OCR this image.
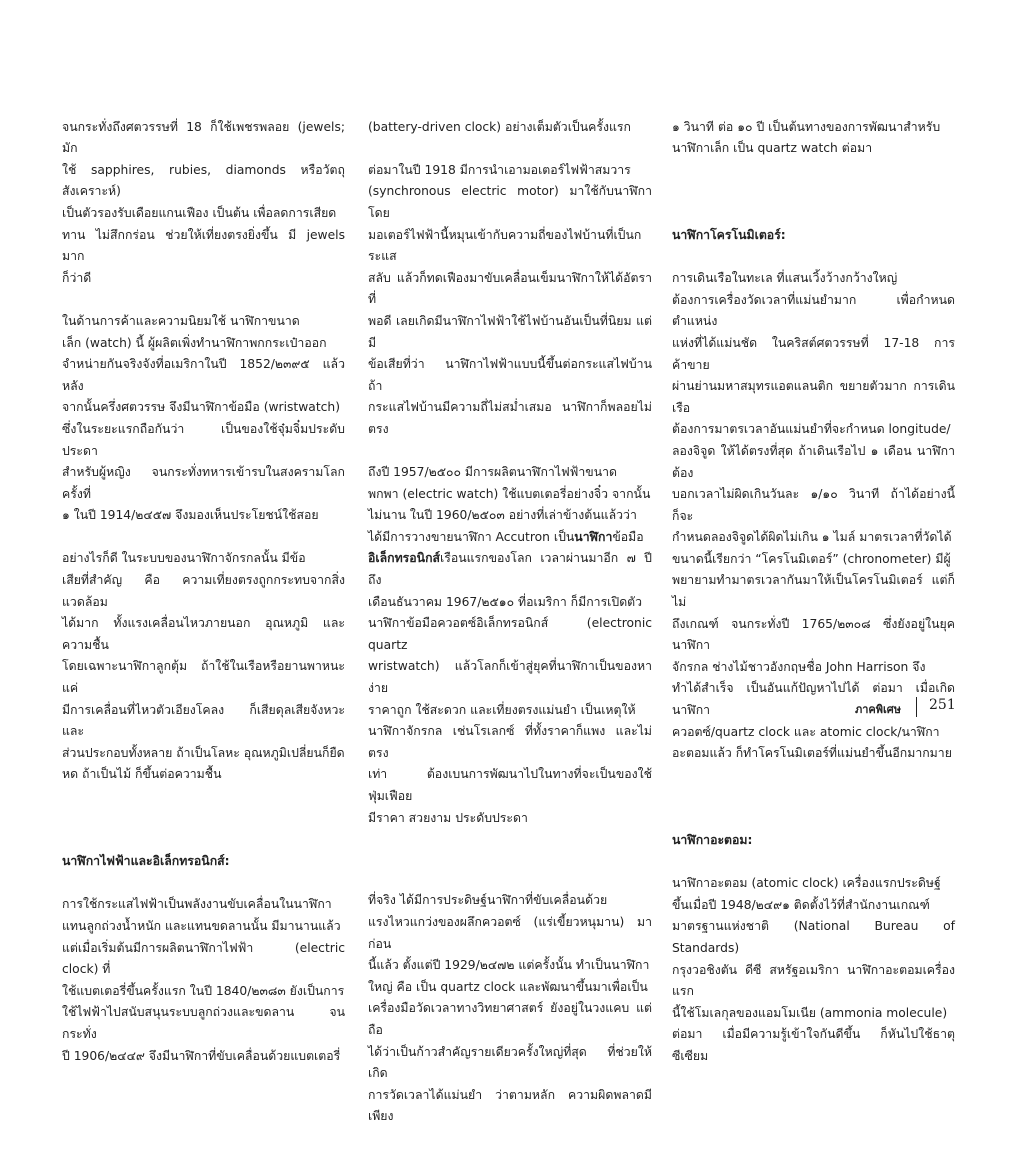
จนกระทั่งถึงศตวรรษที่ 18 ก็ใช้เพชรพลอย (jewels; มัก
ใช้ sapphires, rubies, diamonds หรือวัตถุสังเคราะห์)
เป็นตัวรองรับเดือยแกนเฟือง เป็นต้น เพื่อลดการเสียด
ทาน ไม่สึกกร่อน ช่วยให้เที่ยงตรงยิ่งขึ้น มี jewels มาก
ก็ว่าดี

ในด้านการค้าและความนิยมใช้ นาฬิกาขนาด
เล็ก (watch) นี้ ผู้ผลิตเพิ่งทำนาฬิกาพกกระเป๋าออก
จำหน่ายกันจริงจังที่อเมริกาในปี 1852/๒๓๙๕ แล้วหลัง
จากนั้นครึ่งศตวรรษ จึงมีนาฬิกาข้อมือ (wristwatch)
ซึ่งในระยะแรกถือกันว่า เป็นของใช้จุ๋มจิ๋มประดับประดา
สำหรับผู้หญิง จนกระทั่งทหารเข้ารบในสงครามโลกครั้งที่
๑ ในปี 1914/๒๔๕๗ จึงมองเห็นประโยชน์ใช้สอย

อย่างไรก็ดี ในระบบของนาฬิกาจักรกลนั้น มีข้อ
เสียที่สำคัญ คือ ความเที่ยงตรงถูกกระทบจากสิ่งแวดล้อม
ได้มาก ทั้งแรงเคลื่อนไหวภายนอก อุณหภูมิ และความชื้น
โดยเฉพาะนาฬิกาลูกตุ้ม ถ้าใช้ในเรือหรือยานพาหนะ แค่
มีการเคลื่อนที่ไหวตัวเอียงโคลง ก็เสียดุลเสียจังหวะ และ
ส่วนประกอบทั้งหลาย ถ้าเป็นโลหะ อุณหภูมิเปลี่ยนก็ยืด
หด ถ้าเป็นไม้ ก็ขึ้นต่อความชื้น

นาฬิกาไฟฟ้าและอิเล็กทรอนิกส์:

การใช้กระแสไฟฟ้าเป็นพลังงานขับเคลื่อนในนาฬิกา
แทนลูกถ่วงน้ำหนัก และแทนขดลานนั้น มีมานานแล้ว
แต่เมื่อเริ่มต้นมีการผลิตนาฬิกาไฟฟ้า (electric clock) ที่
ใช้แบตเตอรี่ขึ้นครั้งแรก ในปี 1840/๒๓๘๓ ยังเป็นการ
ใช้ไฟฟ้าไปสนับสนุนระบบลูกถ่วงและขดลาน จนกระทั่ง
ปี 1906/๒๔๔๙ จึงมีนาฬิกาที่ขับเคลื่อนด้วยแบตเตอรี่

(battery-driven clock) อย่างเต็มตัวเป็นครั้งแรก

ต่อมาในปี 1918 มีการนำเอามอเตอร์ไฟฟ้าสมวาร
(synchronous electric motor) มาใช้กับนาฬิกา โดย
มอเตอร์ไฟฟ้านี้หมุนเข้ากับความถี่ของไฟบ้านที่เป็นกระแส
สลับ แล้วก็ทดเฟืองมาขับเคลื่อนเข็มนาฬิกาให้ได้อัตราที่
พอดี เลยเกิดมีนาฬิกาไฟฟ้าใช้ไฟบ้านอันเป็นที่นิยม แต่มี
ข้อเสียที่ว่า นาฬิกาไฟฟ้าแบบนี้ขึ้นต่อกระแสไฟบ้าน ถ้า
กระแสไฟบ้านมีความถี่ไม่สม่ำเสมอ นาฬิกาก็พลอยไม่ตรง

ถึงปี 1957/๒๕๐๐ มีการผลิตนาฬิกาไฟฟ้าขนาด
พกพา (electric watch) ใช้แบตเตอรี่อย่างจิ๋ว จากนั้น
ไม่นาน ในปี 1960/๒๕๐๓ อย่างที่เล่าข้างต้นแล้วว่า
ได้มีการวางขายนาฬิกา Accutron เป็นนาฬิกาข้อมือ
อิเล็กทรอนิกส์เรือนแรกของโลก เวลาผ่านมาอีก ๗ ปี ถึง
เดือนธันวาคม 1967/๒๕๑๐ ที่อเมริกา ก็มีการเปิดตัว
นาฬิกาข้อมือควอตซ์อิเล็กทรอนิกส์ (electronic quartz
wristwatch) แล้วโลกก็เข้าสู่ยุคที่นาฬิกาเป็นของหาง่าย
ราคาถูก ใช้สะดวก และเที่ยงตรงแม่นยำ เป็นเหตุให้
นาฬิกาจักรกล เช่นโรเลกซ์ ที่ทั้งราคาก็แพง และไม่ตรง
เท่า ต้องเบนการพัฒนาไปในทางที่จะเป็นของใช้ฟุ่มเฟือย
มีราคา สวยงาม ประดับประดา

ที่จริง ได้มีการประดิษฐ์นาฬิกาที่ขับเคลื่อนด้วย
แรงไหวแกว่งของผลึกควอตซ์ (แร่เขี้ยวหนุมาน) มาก่อน
นี้แล้ว ตั้งแต่ปี 1929/๒๔๗๒ แต่ครั้งนั้น ทำเป็นนาฬิกา
ใหญ่ คือ เป็น quartz clock และพัฒนาขึ้นมาเพื่อเป็น
เครื่องมือวัดเวลาทางวิทยาศาสตร์ ยังอยู่ในวงแคบ แต่ถือ
ได้ว่าเป็นก้าวสำคัญรายเดียวครั้งใหญ่ที่สุด ที่ช่วยให้เกิด
การวัดเวลาได้แม่นยำ ว่าตามหลัก ความผิดพลาดมีเพียง

๑ วินาที ต่อ ๑๐ ปี เป็นต้นทางของการพัฒนาสำหรับ
นาฬิกาเล็ก เป็น quartz watch ต่อมา

นาฬิกาโครโนมิเตอร์:

การเดินเรือในทะเล ที่แสนเวิ้งว้างกว้างใหญ่
ต้องการเครื่องวัดเวลาที่แม่นยำมาก เพื่อกำหนดตำแหน่ง
แห่งที่ได้แม่นชัด ในคริสต์ศตวรรษที่ 17-18 การค้าขาย
ผ่านย่านมหาสมุทรแอตแลนติก ขยายตัวมาก การเดินเรือ
ต้องการมาตรเวลาอันแม่นยำที่จะกำหนด longitude/
ลองจิจูด ให้ได้ตรงที่สุด ถ้าเดินเรือไป ๑ เดือน นาฬิกาต้อง
บอกเวลาไม่ผิดเกินวันละ ๑/๑๐ วินาที ถ้าได้อย่างนี้ ก็จะ
กำหนดลองจิจูดได้ผิดไม่เกิน ๑ ไมล์ มาตรเวลาที่วัดได้
ขนาดนี้เรียกว่า “โครโนมิเตอร์” (chronometer) มีผู้
พยายามทำมาตรเวลากันมาให้เป็นโครโนมิเตอร์ แต่ก็ไม่
ถึงเกณฑ์ จนกระทั่งปี 1765/๒๓๐๘ ซึ่งยังอยู่ในยุคนาฬิกา
จักรกล ช่างไม้ชาวอังกฤษชื่อ John Harrison จึง
ทำได้สำเร็จ เป็นอันแก้ปัญหาไปได้ ต่อมา เมื่อเกิดนาฬิกา
ควอตซ์/quartz clock และ atomic clock/นาฬิกา
อะตอมแล้ว ก็ทำโครโนมิเตอร์ที่แม่นยำขึ้นอีกมากมาย

นาฬิกาอะตอม:

นาฬิกาอะตอม (atomic clock) เครื่องแรกประดิษฐ์
ขึ้นเมื่อปี 1948/๒๔๙๑ ติดตั้งไว้ที่สำนักงานเกณฑ์
มาตรฐานแห่งชาติ (National Bureau of Standards)
กรุงวอชิงตัน ดีซี สหรัฐอเมริกา นาฬิกาอะตอมเครื่องแรก
นี้ใช้โมเลกุลของแอมโมเนีย (ammonia molecule)
ต่อมา เมื่อมีความรู้เข้าใจกันดีขึ้น ก็หันไปใช้ธาตุซีเซียม

ภาคพิเศษ 251
